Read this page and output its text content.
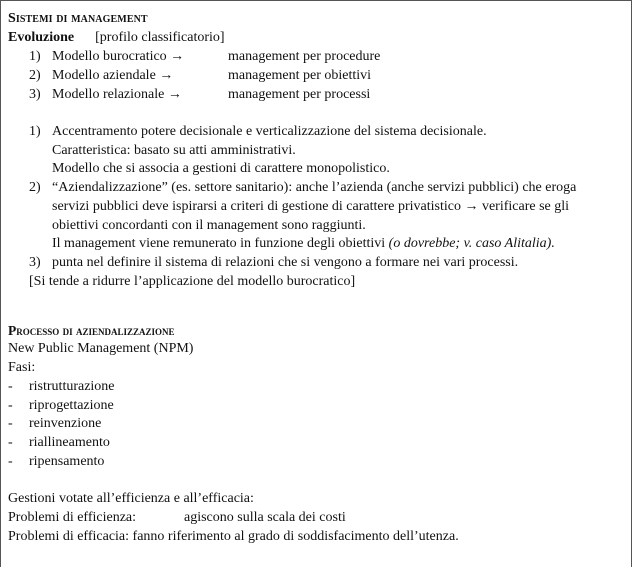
Sistemi di management
Evoluzione [profilo classificatorio]
1) Modello burocratico →	management per procedure
2) Modello aziendale →	management per obiettivi
3) Modello relazionale →	management per processi
1) Accentramento potere decisionale e verticalizzazione del sistema decisionale.
Caratteristica: basato su atti amministrativi.
Modello che si associa a gestioni di carattere monopolistico.
2) “Aziendalizzazione” (es. settore sanitario): anche l’azienda (anche servizi pubblici) che eroga
servizi pubblici deve ispirarsi a criteri di gestione di carattere privatistico → verificare se gli
obiettivi concordanti con il management sono raggiunti.
Il management viene remunerato in funzione degli obiettivi (o dovrebbe; v. caso Alitalia).
3) punta nel definire il sistema di relazioni che si vengono a formare nei vari processi.
[Si tende a ridurre l’applicazione del modello burocratico]
Processo di aziendalizzazione
New Public Management (NPM)
Fasi:
- ristrutturazione
- riprogettazione
- reinvenzione
- riallineamento
- ripensamento
Gestioni votate all’efficienza e all’efficacia:
Problemi di efficienza:	agiscono sulla scala dei costi
Problemi di efficacia: fanno riferimento al grado di soddisfacimento dell’utenza.
